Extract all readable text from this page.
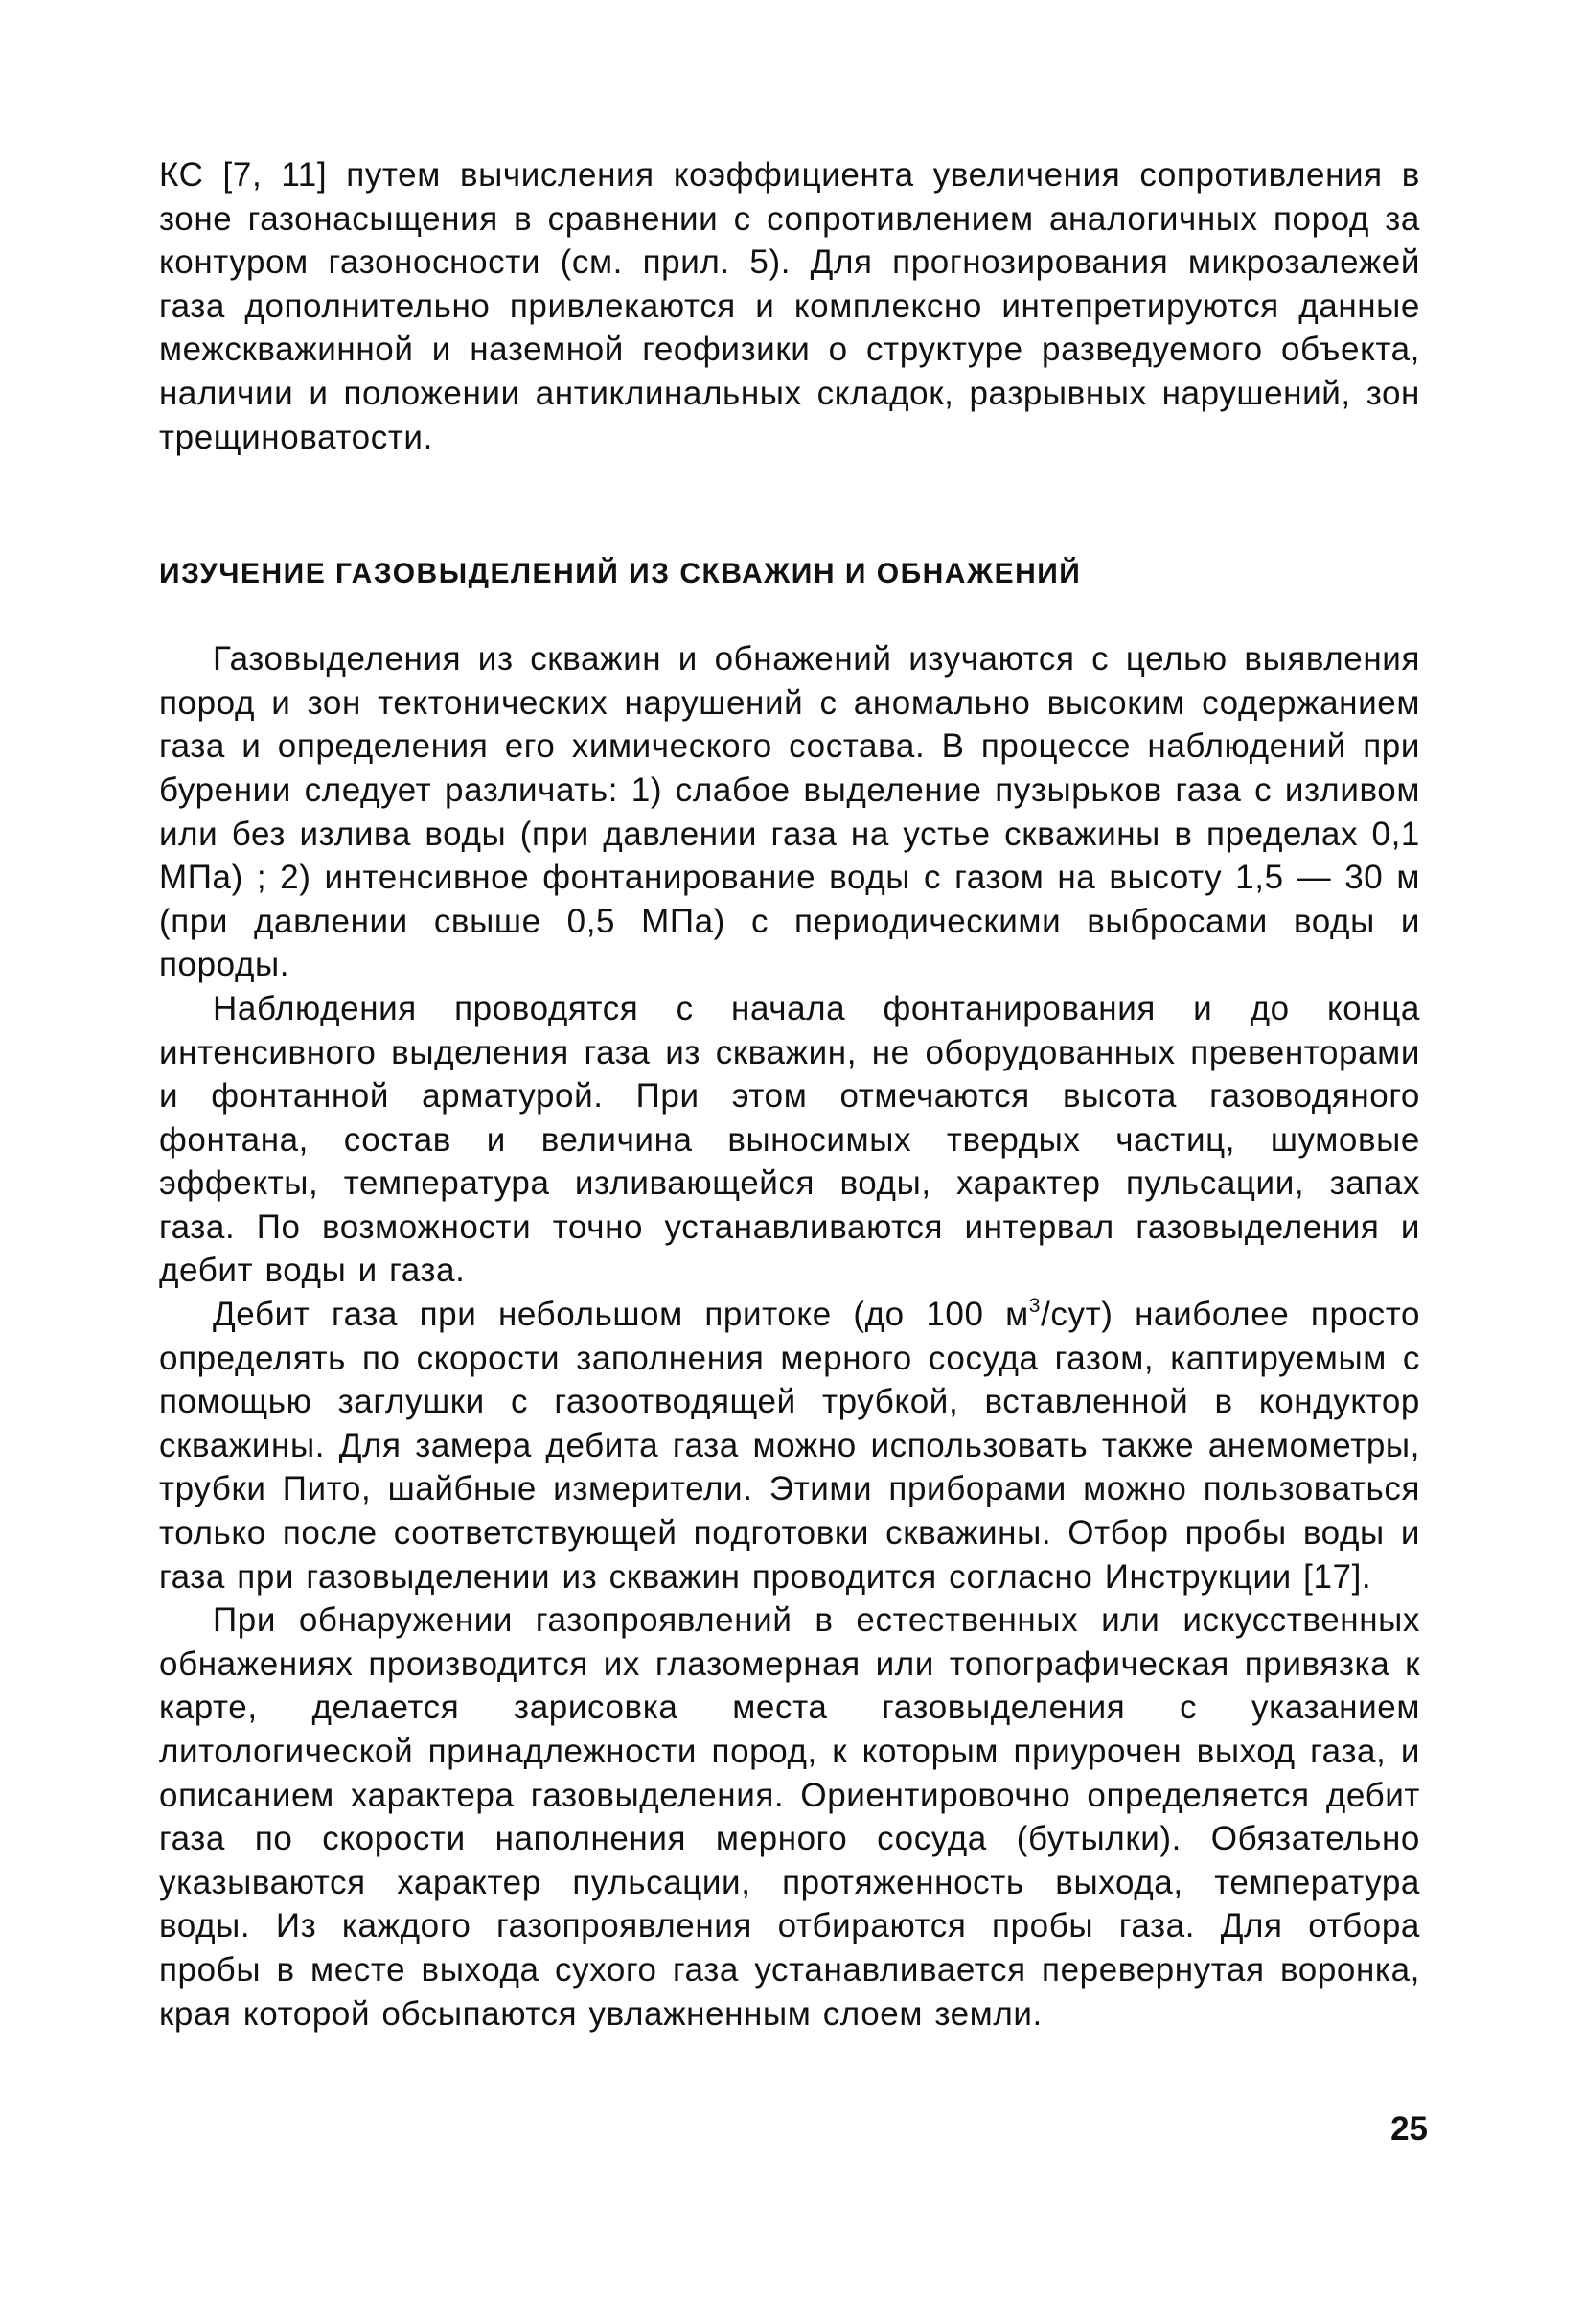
КС [7, 11] путем вычисления коэффициента увеличения сопротивления в зоне газонасыщения в сравнении с сопротивлением аналогичных пород за контуром газоносности (см. прил. 5). Для прогнозирования микрозалежей газа дополнительно привлекаются и комплексно интепретируются данные межскважинной и наземной геофизики о структуре разведуемого объекта, наличии и положении антиклинальных складок, разрывных нарушений, зон трещиноватости.

ИЗУЧЕНИЕ ГАЗОВЫДЕЛЕНИЙ ИЗ СКВАЖИН И ОБНАЖЕНИЙ

Газовыделения из скважин и обнажений изучаются с целью выявления пород и зон тектонических нарушений с аномально высоким содержанием газа и определения его химического состава. В процессе наблюдений при бурении следует различать: 1) слабое выделение пузырьков газа с изливом или без излива воды (при давлении газа на устье скважины в пределах 0,1 МПа) ; 2) интенсивное фонтанирование воды с газом на высоту 1,5 — 30 м (при давлении свыше 0,5 МПа) с периодическими выбросами воды и породы.

Наблюдения проводятся с начала фонтанирования и до конца интенсивного выделения газа из скважин, не оборудованных превенторами и фонтанной арматурой. При этом отмечаются высота газоводяного фонтана, состав и величина выносимых твердых частиц, шумовые эффекты, температура изливающейся воды, характер пульсации, запах газа. По возможности точно устанавливаются интервал газовыделения и дебит воды и газа.

Дебит газа при небольшом притоке (до 100 $м^3/сут$) наиболее просто определять по скорости заполнения мерного сосуда газом, каптируемым с помощью заглушки с газоотводящей трубкой, вставленной в кондуктор скважины. Для замера дебита газа можно использовать также анемометры, трубки Пито, шайбные измерители. Этими приборами можно пользоваться только после соответствующей подготовки скважины. Отбор пробы воды и газа при газовыделении из скважин проводится согласно Инструкции [17].

При обнаружении газопроявлений в естественных или искусственных обнажениях производится их глазомерная или топографическая привязка к карте, делается зарисовка места газовыделения с указанием литологической принадлежности пород, к которым приурочен выход газа, и описанием характера газовыделения. Ориентировочно определяется дебит газа по скорости наполнения мерного сосуда (бутылки). Обязательно указываются характер пульсации, протяженность выхода, температура воды. Из каждого газопроявления отбираются пробы газа. Для отбора пробы в месте выхода сухого газа устанавливается перевернутая воронка, края которой обсыпаются увлажненным слоем земли.

25
